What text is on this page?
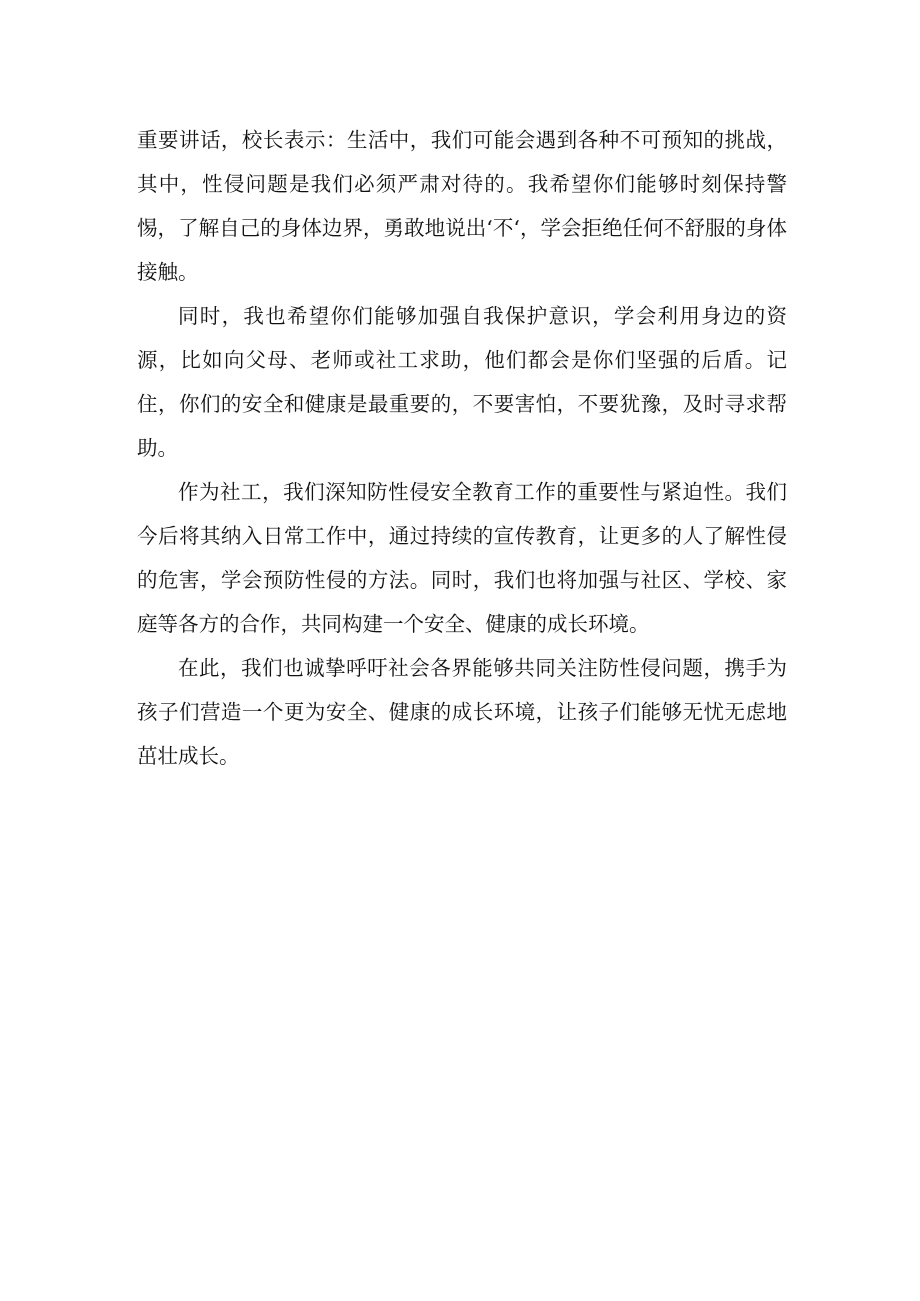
重要讲话，校长表示：生活中，我们可能会遇到各种不可预知的挑战，其中，性侵问题是我们必须严肃对待的。我希望你们能够时刻保持警惕，了解自己的身体边界，勇敢地说出‘不‘，学会拒绝任何不舒服的身体接触。

同时，我也希望你们能够加强自我保护意识，学会利用身边的资源，比如向父母、老师或社工求助，他们都会是你们坚强的后盾。记住，你们的安全和健康是最重要的，不要害怕，不要犹豫，及时寻求帮助。

作为社工，我们深知防性侵安全教育工作的重要性与紧迫性。我们今后将其纳入日常工作中，通过持续的宣传教育，让更多的人了解性侵的危害，学会预防性侵的方法。同时，我们也将加强与社区、学校、家庭等各方的合作，共同构建一个安全、健康的成长环境。

在此，我们也诚挚呼吁社会各界能够共同关注防性侵问题，携手为孩子们营造一个更为安全、健康的成长环境，让孩子们能够无忧无虑地茁壮成长。
